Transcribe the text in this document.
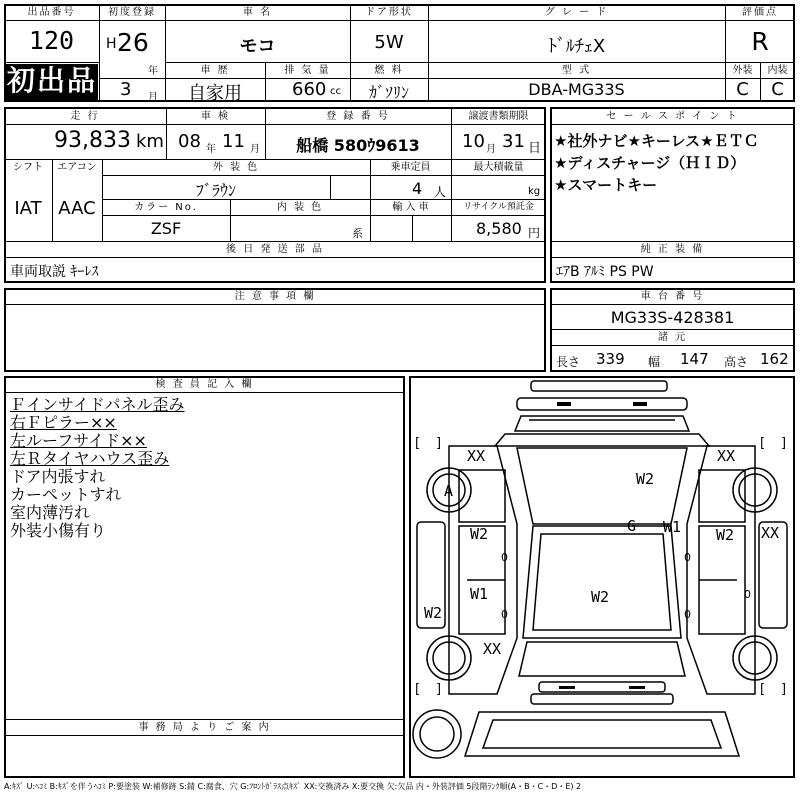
出品番号
120
初出品
初度登録
H 26
年
3 月
車 名
モコ
車 歴
自家用
排 気 量
660 cc
ドア形状
5W
燃 料
ｶﾞｿﾘﾝ
グ レ ー ド
ﾄﾞﾙﾁｪX
型 式
DBA-MG33S
評価点
R
外装
C
内装
C
走 行
93,833 km
車 検
08 年 11 月
登 録 番 号
船橋 580ｳ9613
譲渡書類期限
10 月 31 日
シフト
IAT
エアコン
AAC
外 装 色
ﾌﾞﾗｳﾝ
乗車定員
4 人
最大積載量
kg
カラー No.
ZSF
内 装 色
系
輸 入 車	リサイクル預託金
8,580 円
後 日 発 送 部 品
車両取説 ｷｰﾚｽ
セ ー ル ス ポ イ ン ト
★社外ナビ★キーレス★ＥＴＣ
★ディスチャージ（ＨＩＤ）
★スマートキー
純 正 装 備
ｴｱB ｱﾙﾐ PS PW
注 意 事 項 欄	車 台 番 号
MG33S-428381
諸 元
長さ 339 幅 147 高さ 162
検 査 員 記 入 欄
Ｆインサイドパネル歪み
右Ｆピラー××
左ルーフサイド××
左Ｒタイヤハウス歪み
ドア内張すれ
カーペットすれ
室内薄汚れ
外装小傷有り
事 務 局 よ り ご 案 内
[ ]	[ ]
[ ]	[ ]
XX	XX
A
W2
W2	G W1 W2 XX
W2
W1
W2
XX
0
0
0
0
0
A:ｷｽﾞ U:ﾍｺﾐ B:ｷｽﾞを伴うﾍｺﾐ P:要塗装 W:補修跡 S:錆 C:腐食、穴 G:ﾌﾛﾝﾄｶﾞﾗｽ点ｷｽﾞ XX:交換済み X:要交換 欠:欠品 内・外装評価 5段階ﾗﾝｸ順(A・B・C・D・E) 2
